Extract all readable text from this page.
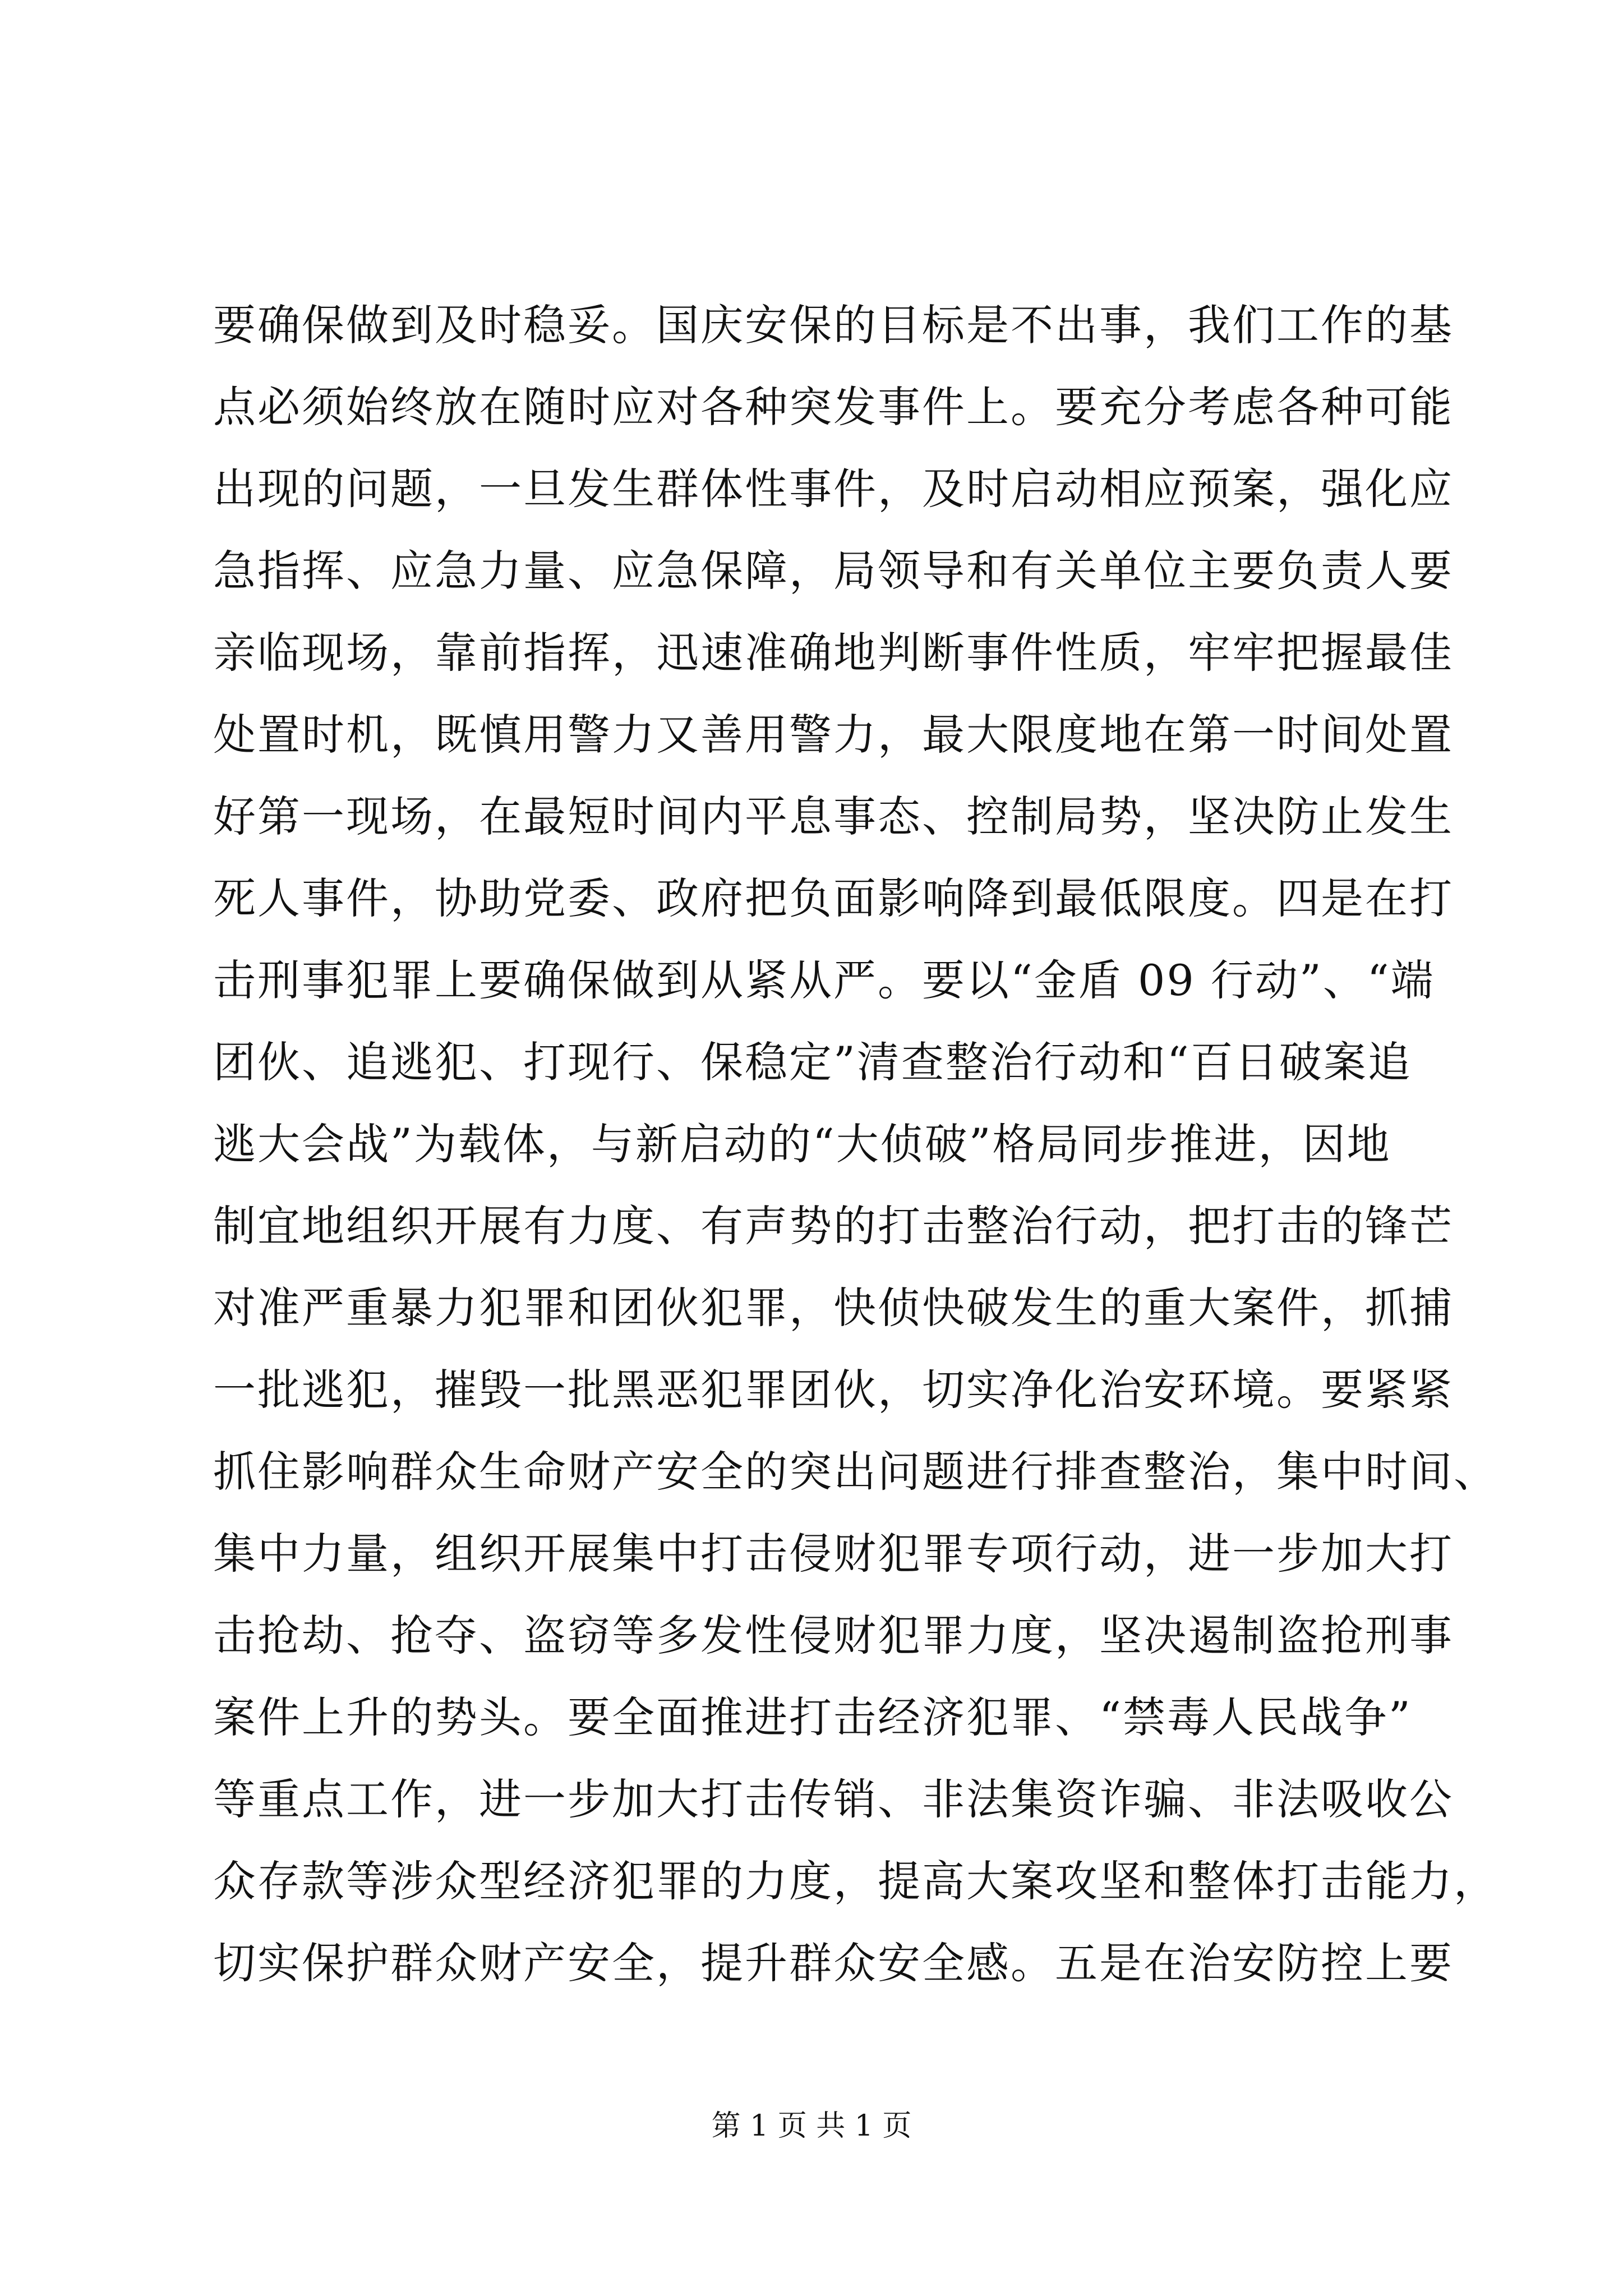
要确保做到及时稳妥。国庆安保的目标是不出事，我们工作的基
点必须始终放在随时应对各种突发事件上。要充分考虑各种可能
出现的问题，一旦发生群体性事件，及时启动相应预案，强化应
急指挥、应急力量、应急保障，局领导和有关单位主要负责人要
亲临现场，靠前指挥，迅速准确地判断事件性质，牢牢把握最佳
处置时机，既慎用警力又善用警力，最大限度地在第一时间处置
好第一现场，在最短时间内平息事态、控制局势，坚决防止发生
死人事件，协助党委、政府把负面影响降到最低限度。四是在打
击刑事犯罪上要确保做到从紧从严。要以“金盾 09 行动”、“端
团伙、追逃犯、打现行、保稳定”清查整治行动和“百日破案追
逃大会战”为载体，与新启动的“大侦破”格局同步推进，因地
制宜地组织开展有力度、有声势的打击整治行动，把打击的锋芒
对准严重暴力犯罪和团伙犯罪，快侦快破发生的重大案件，抓捕
一批逃犯，摧毁一批黑恶犯罪团伙，切实净化治安环境。要紧紧
抓住影响群众生命财产安全的突出问题进行排查整治，集中时间、
集中力量，组织开展集中打击侵财犯罪专项行动，进一步加大打
击抢劫、抢夺、盗窃等多发性侵财犯罪力度，坚决遏制盗抢刑事
案件上升的势头。要全面推进打击经济犯罪、“禁毒人民战争”
等重点工作，进一步加大打击传销、非法集资诈骗、非法吸收公
众存款等涉众型经济犯罪的力度，提高大案攻坚和整体打击能力，
切实保护群众财产安全，提升群众安全感。五是在治安防控上要
第 1 页 共 1 页
